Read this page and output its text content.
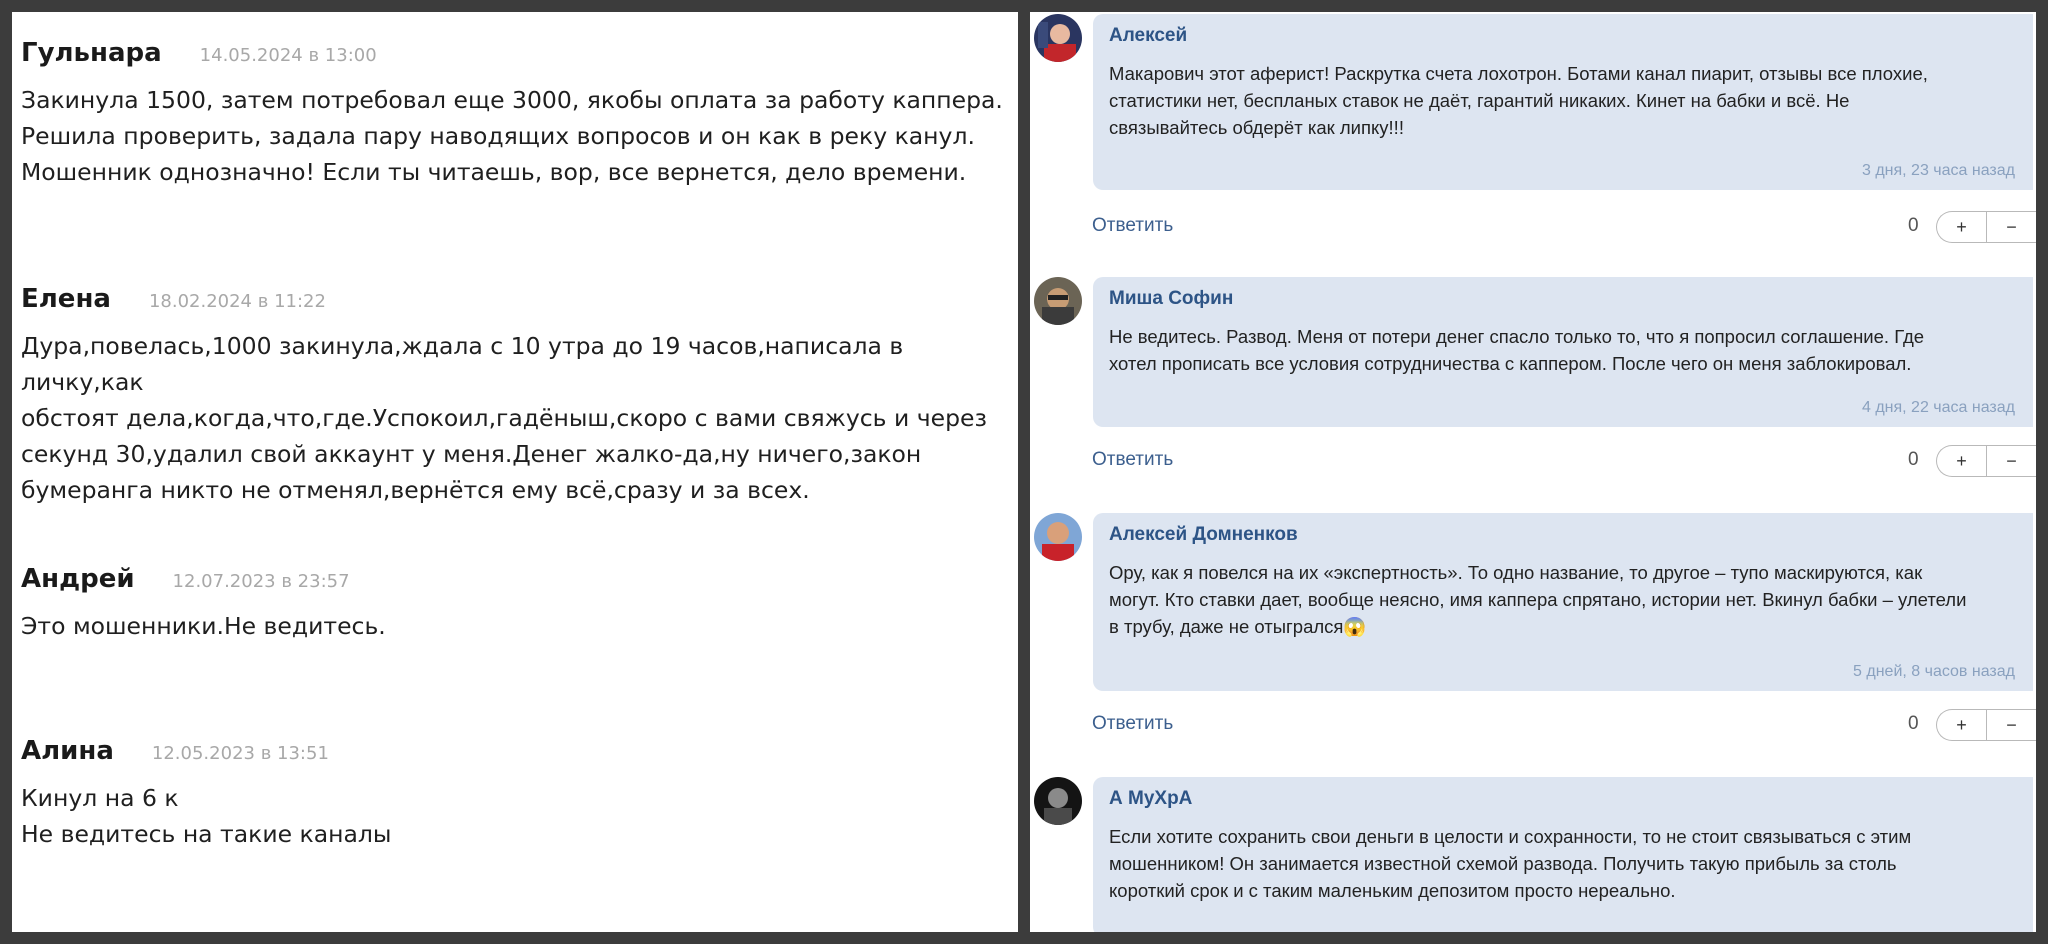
Гульнара 14.05.2024 в 13:00
Закинула 1500, затем потребовал еще 3000, якобы оплата за работу каппера.
Решила проверить, задала пару наводящих вопросов и он как в реку канул.
Мошенник однозначно! Если ты читаешь, вор, все вернется, дело времени.
Елена 18.02.2024 в 11:22
Дура,повелась,1000 закинула,ждала с 10 утра до 19 часов,написала в личку,как
обстоят дела,когда,что,где.Успокоил,гадёныш,скоро с вами свяжусь и через
секунд 30,удалил свой аккаунт у меня.Денег жалко-да,ну ничего,закон
бумеранга никто не отменял,вернётся ему всё,сразу и за всех.
Андрей 12.07.2023 в 23:57
Это мошенники.Не ведитесь.
Алина 12.05.2023 в 13:51
Кинул на 6 к
Не ведитесь на такие каналы
Алексей
Макарович этот аферист! Раскрутка счета лохотрон. Ботами канал пиарит, отзывы все плохие,
статистики нет, беспланых ставок не даёт, гарантий никаких. Кинет на бабки и всё. Не
связывайтесь обдерёт как липку!!!
3 дня, 23 часа назад
Ответить	0	+	−
Миша Софин
Не ведитесь. Развод. Меня от потери денег спасло только то, что я попросил соглашение. Где
хотел прописать все условия сотрудничества с каппером. После чего он меня заблокировал.
4 дня, 22 часа назад
Ответить	0	+	−
Алексей Домненков
Ору, как я повелся на их «экспертность». То одно название, то другое – тупо маскируются, как
могут. Кто ставки дает, вообще неясно, имя каппера спрятано, истории нет. Вкинул бабки – улетели
в трубу, даже не отыгрался😱
5 дней, 8 часов назад
Ответить	0	+	−
А МуХрА
Если хотите сохранить свои деньги в целости и сохранности, то не стоит связываться с этим
мошенником! Он занимается известной схемой развода. Получить такую прибыль за столь
короткий срок и с таким маленьким депозитом просто нереально.
